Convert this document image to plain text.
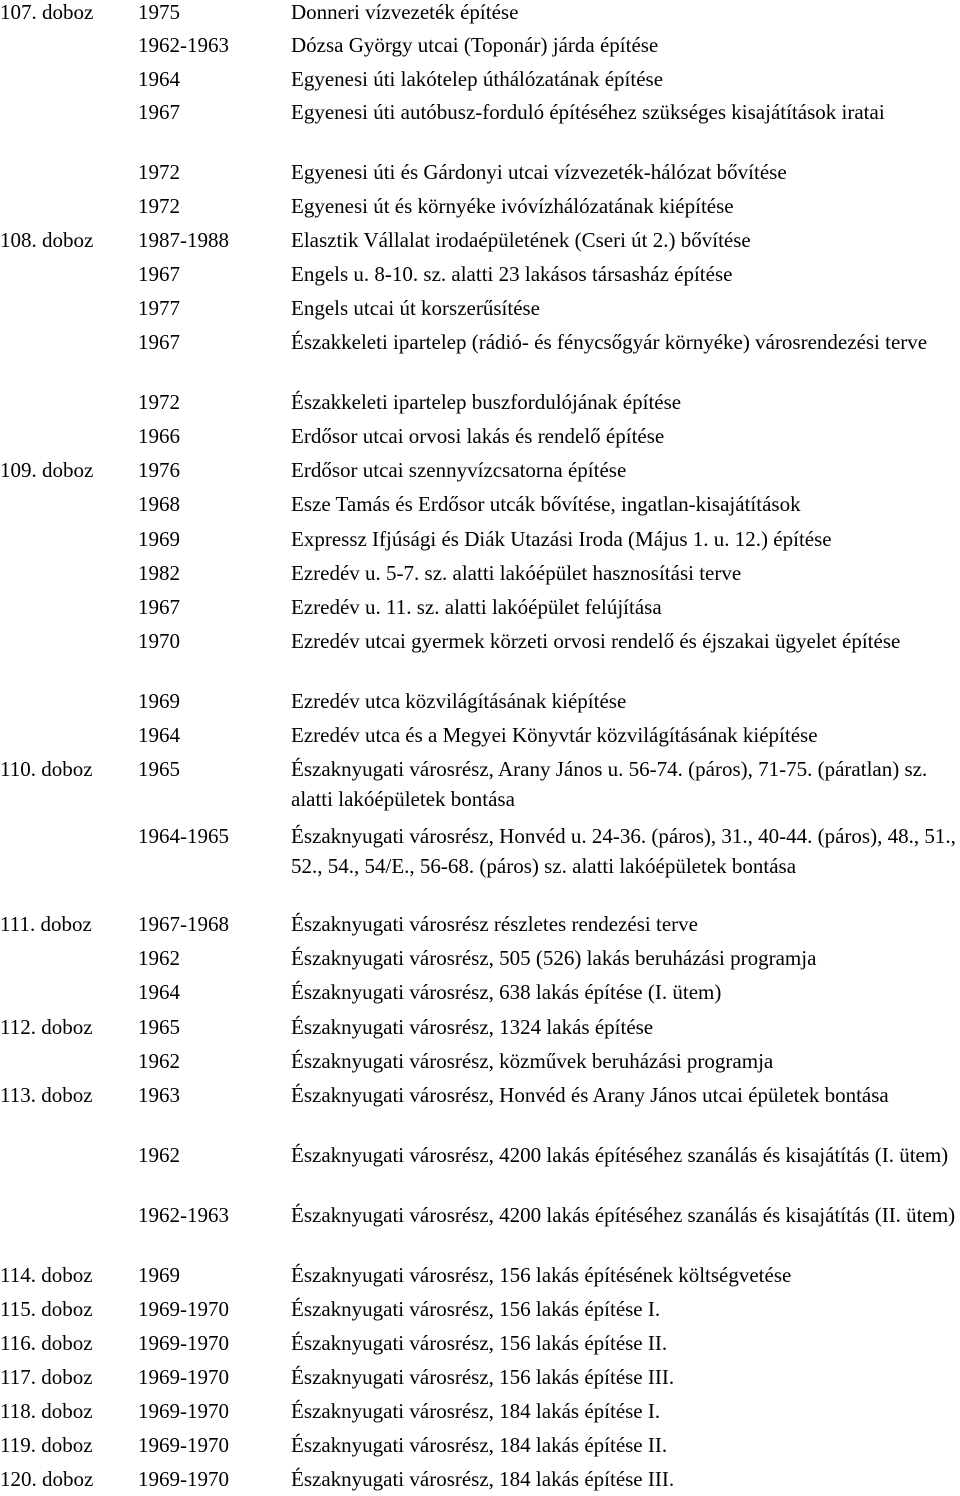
107. doboz 1975	Donneri vízvezeték építése
1962-1963	Dózsa György utcai (Toponár) járda építése
1964	Egyenesi úti lakótelep úthálózatának építése
1967	Egyenesi úti autóbusz-forduló építéséhez szükséges kisajátítások iratai
1972	Egyenesi úti és Gárdonyi utcai vízvezeték-hálózat bővítése
1972	Egyenesi út és környéke ivóvízhálózatának kiépítése
108. doboz 1987-1988	Elasztik Vállalat irodaépületének (Cseri út 2.) bővítése
1967	Engels u. 8-10. sz. alatti 23 lakásos társasház építése
1977	Engels utcai út korszerűsítése
1967	Északkeleti ipartelep (rádió- és fénycsőgyár környéke) városrendezési terve
1972	Északkeleti ipartelep buszfordulójának építése
1966	Erdősor utcai orvosi lakás és rendelő építése
109. doboz 1976	Erdősor utcai szennyvízcsatorna építése
1968	Esze Tamás és Erdősor utcák bővítése, ingatlan-kisajátítások
1969	Expressz Ifjúsági és Diák Utazási Iroda (Május 1. u. 12.) építése
1982	Ezredév u. 5-7. sz. alatti lakóépület hasznosítási terve
1967	Ezredév u. 11. sz. alatti lakóépület felújítása
1970	Ezredév utcai gyermek körzeti orvosi rendelő és éjszakai ügyelet építése
1969	Ezredév utca közvilágításának kiépítése
1964	Ezredév utca és a Megyei Könyvtár közvilágításának kiépítése
110. doboz 1965	Északnyugati városrész, Arany János u. 56-74. (páros), 71-75. (páratlan) sz. alatti lakóépületek bontása
1964-1965	Északnyugati városrész, Honvéd u. 24-36. (páros), 31., 40-44. (páros), 48., 51., 52., 54., 54/E., 56-68. (páros) sz. alatti lakóépületek bontása
111. doboz 1967-1968	Északnyugati városrész részletes rendezési terve
1962	Északnyugati városrész, 505 (526) lakás beruházási programja
1964	Északnyugati városrész, 638 lakás építése (I. ütem)
112. doboz 1965	Északnyugati városrész, 1324 lakás építése
1962	Északnyugati városrész, közművek beruházási programja
113. doboz 1963	Északnyugati városrész, Honvéd és Arany János utcai épületek bontása
1962	Északnyugati városrész, 4200 lakás építéséhez szanálás és kisajátítás (I. ütem)
1962-1963	Északnyugati városrész, 4200 lakás építéséhez szanálás és kisajátítás (II. ütem)
114. doboz 1969	Északnyugati városrész, 156 lakás építésének költségvetése
115. doboz 1969-1970	Északnyugati városrész, 156 lakás építése I.
116. doboz 1969-1970	Északnyugati városrész, 156 lakás építése II.
117. doboz 1969-1970	Északnyugati városrész, 156 lakás építése III.
118. doboz 1969-1970	Északnyugati városrész, 184 lakás építése I.
119. doboz 1969-1970	Északnyugati városrész, 184 lakás építése II.
120. doboz 1969-1970	Északnyugati városrész, 184 lakás építése III.
